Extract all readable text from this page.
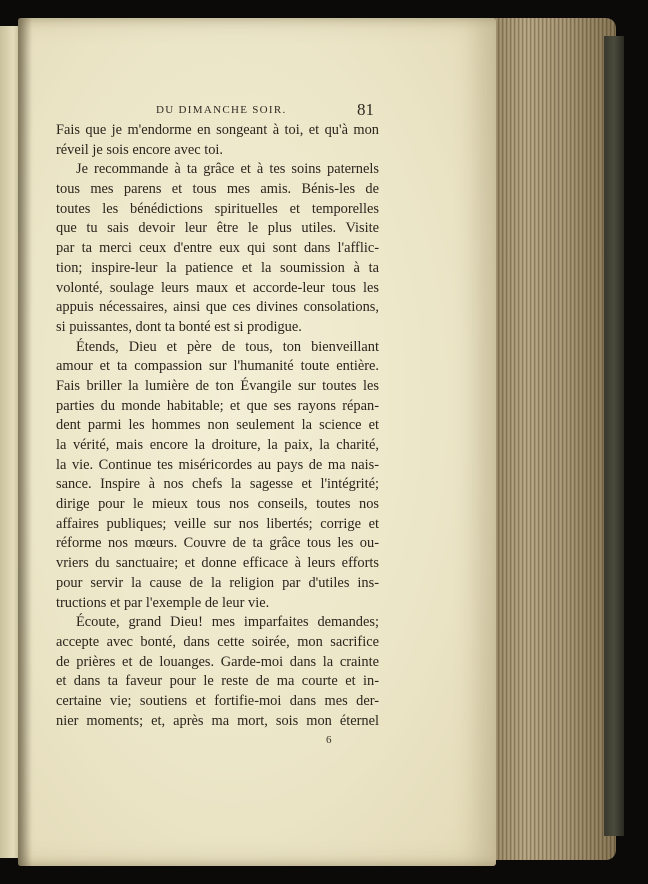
DU DIMANCHE SOIR.	81
Fais que je m'endorme en songeant à toi, et qu'à mon
réveil je sois encore avec toi.
Je recommande à ta grâce et à tes soins paternels
tous mes parens et tous mes amis. Bénis-les de
toutes les bénédictions spirituelles et temporelles
que tu sais devoir leur être le plus utiles. Visite
par ta merci ceux d'entre eux qui sont dans l'afflic-
tion; inspire-leur la patience et la soumission à ta
volonté, soulage leurs maux et accorde-leur tous les
appuis nécessaires, ainsi que ces divines consolations,
si puissantes, dont ta bonté est si prodigue.
Étends, Dieu et père de tous, ton bienveillant
amour et ta compassion sur l'humanité toute entière.
Fais briller la lumière de ton Évangile sur toutes les
parties du monde habitable; et que ses rayons répan-
dent parmi les hommes non seulement la science et
la vérité, mais encore la droiture, la paix, la charité,
la vie. Continue tes miséricordes au pays de ma nais-
sance. Inspire à nos chefs la sagesse et l'intégrité;
dirige pour le mieux tous nos conseils, toutes nos
affaires publiques; veille sur nos libertés; corrige et
réforme nos mœurs. Couvre de ta grâce tous les ou-
vriers du sanctuaire; et donne efficace à leurs efforts
pour servir la cause de la religion par d'utiles ins-
tructions et par l'exemple de leur vie.
Écoute, grand Dieu! mes imparfaites demandes;
accepte avec bonté, dans cette soirée, mon sacrifice
de prières et de louanges. Garde-moi dans la crainte
et dans ta faveur pour le reste de ma courte et in-
certaine vie; soutiens et fortifie-moi dans mes der-
nier moments; et, après ma mort, sois mon éternel
6
